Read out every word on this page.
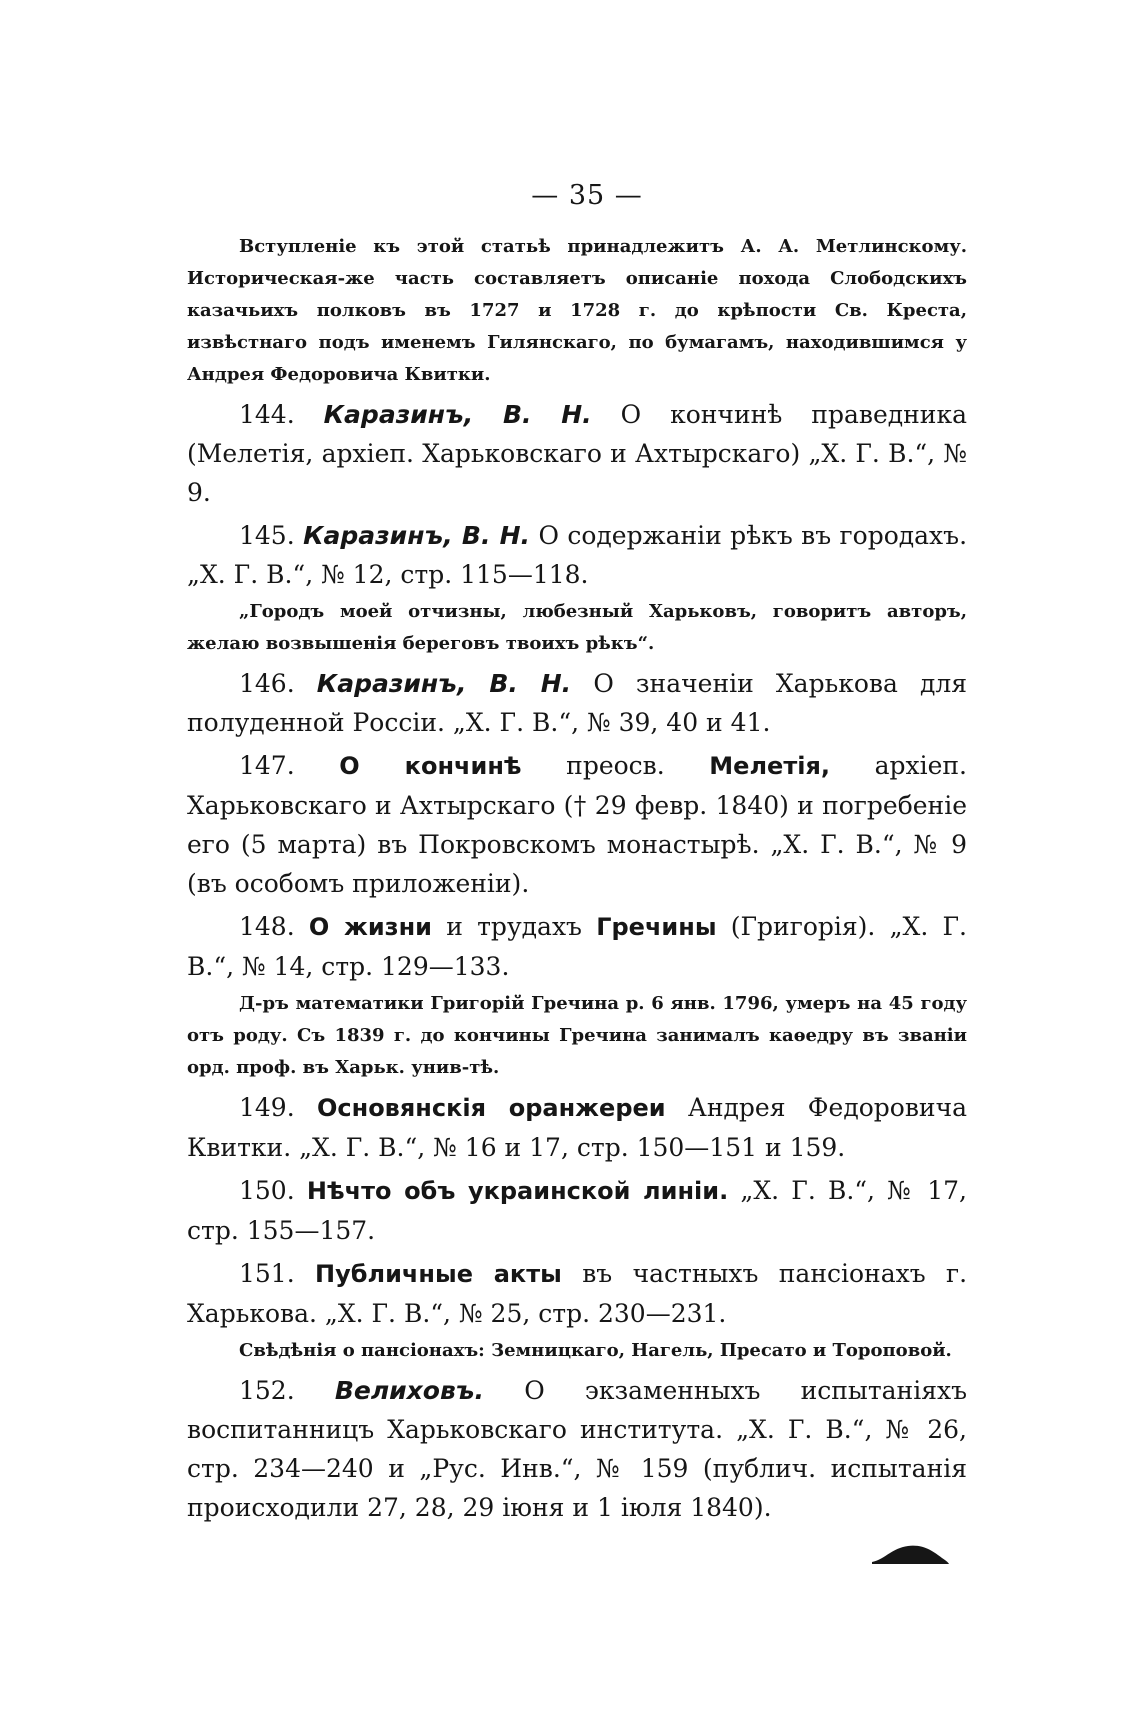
— 35 —

Вступленіе къ этой статьѣ принадлежитъ А. А. Метлинскому. Историческая-же часть составляетъ описаніе похода Слободскихъ казачьихъ полковъ въ 1727 и 1728 г. до крѣпости Св. Креста, извѣстнаго подъ именемъ Гилянскаго, по бумагамъ, находившимся у Андрея Федоровича Квитки.

144. Каразинъ, В. Н. О кончинѣ праведника (Мелетія, архіеп. Харьковскаго и Ахтырскаго) „Х. Г. В.“, № 9.

145. Каразинъ, В. Н. О содержаніи рѣкъ въ городахъ. „Х. Г. В.“, № 12, стр. 115—118.

„Городъ моей отчизны, любезный Харьковъ, говоритъ авторъ, желаю возвышенія береговъ твоихъ рѣкъ“.

146. Каразинъ, В. Н. О значеніи Харькова для полуденной Россіи. „Х. Г. В.“, № 39, 40 и 41.

147. О кончинѣ преосв. Мелетія, архіеп. Харьковскаго и Ахтырскаго († 29 февр. 1840) и погребеніе его (5 марта) въ Покровскомъ монастырѣ. „Х. Г. В.“, № 9 (въ особомъ приложеніи).

148. О жизни и трудахъ Гречины (Григорія). „Х. Г. В.“, № 14, стр. 129—133.

Д-ръ математики Григорій Гречина р. 6 янв. 1796, умеръ на 45 году отъ роду. Съ 1839 г. до кончины Гречина занималъ каѳедру въ званіи орд. проф. въ Харьк. унив-тѣ.

149. Основянскія оранжереи Андрея Федоровича Квитки. „Х. Г. В.“, № 16 и 17, стр. 150—151 и 159.

150. Нѣчто объ украинской линіи. „Х. Г. В.“, № 17, стр. 155—157.

151. Публичные акты въ частныхъ пансіонахъ г. Харькова. „Х. Г. В.“, № 25, стр. 230—231.

Свѣдѣнія о пансіонахъ: Земницкаго, Нагель, Пресато и Тороповой.

152. Велиховъ. О экзаменныхъ испытаніяхъ воспитанницъ Харьковскаго института. „Х. Г. В.“, № 26, стр. 234—240 и „Рус. Инв.“, № 159 (публич. испытанія происходили 27, 28, 29 іюня и 1 іюля 1840).
